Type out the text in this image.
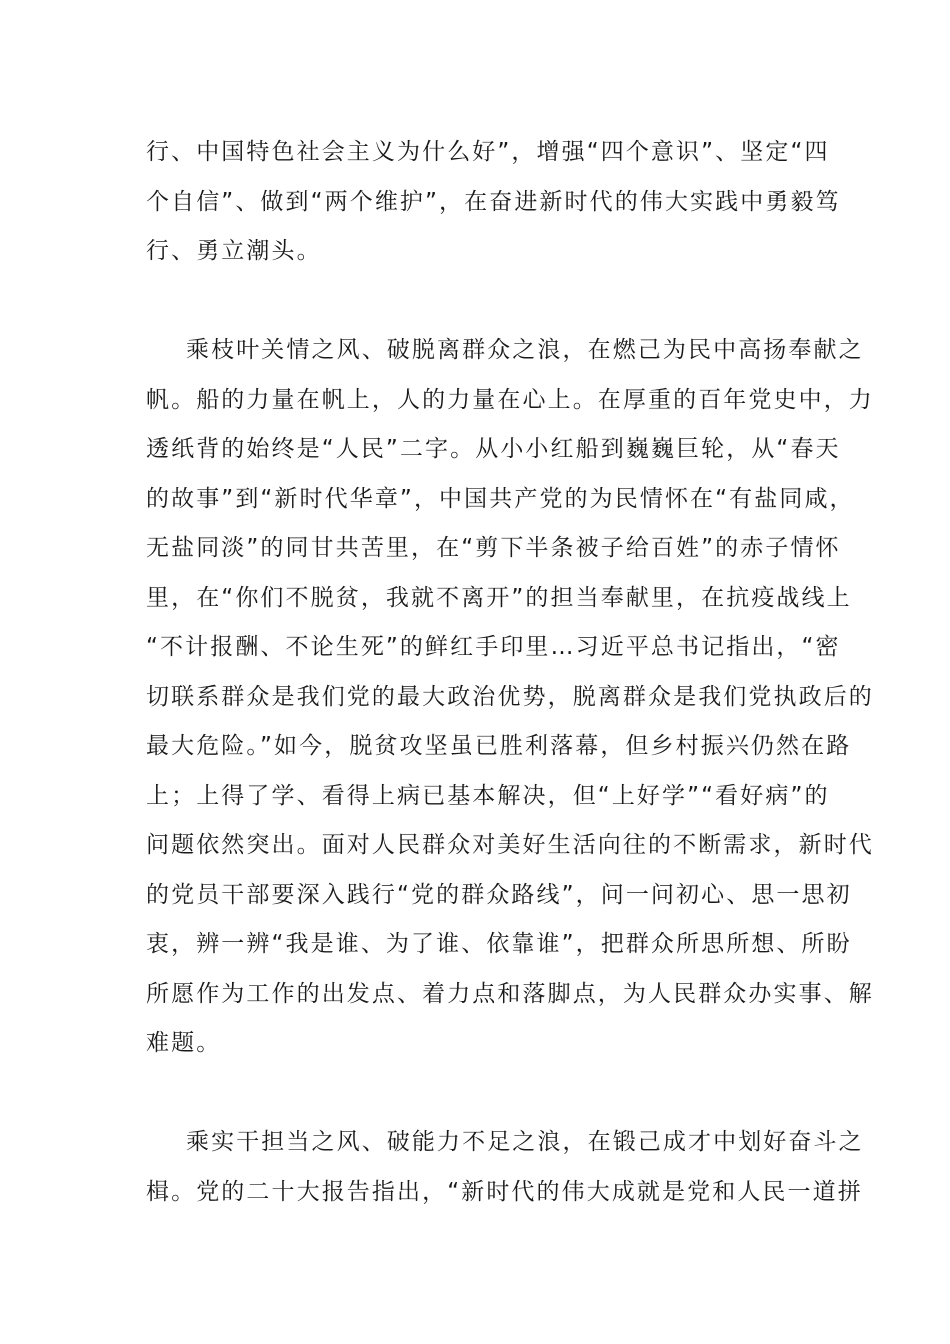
行、中国特色社会主义为什么好”，增强“四个意识”、坚定“四
个自信”、做到“两个维护”，在奋进新时代的伟大实践中勇毅笃
行、勇立潮头。
乘枝叶关情之风、破脱离群众之浪，在燃己为民中高扬奉献之
帆。船的力量在帆上，人的力量在心上。在厚重的百年党史中，力
透纸背的始终是“人民”二字。从小小红船到巍巍巨轮，从“春天
的故事”到“新时代华章”，中国共产党的为民情怀在“有盐同咸，
无盐同淡”的同甘共苦里，在“剪下半条被子给百姓”的赤子情怀
里，在“你们不脱贫，我就不离开”的担当奉献里，在抗疫战线上
“不计报酬、不论生死”的鲜红手印里…习近平总书记指出，“密
切联系群众是我们党的最大政治优势，脱离群众是我们党执政后的
最大危险。”如今，脱贫攻坚虽已胜利落幕，但乡村振兴仍然在路
上；上得了学、看得上病已基本解决，但“上好学”“看好病”的
问题依然突出。面对人民群众对美好生活向往的不断需求，新时代
的党员干部要深入践行“党的群众路线”，问一问初心、思一思初
衷，辨一辨“我是谁、为了谁、依靠谁”，把群众所思所想、所盼
所愿作为工作的出发点、着力点和落脚点，为人民群众办实事、解
难题。
乘实干担当之风、破能力不足之浪，在锻己成才中划好奋斗之
楫。党的二十大报告指出，“新时代的伟大成就是党和人民一道拼
